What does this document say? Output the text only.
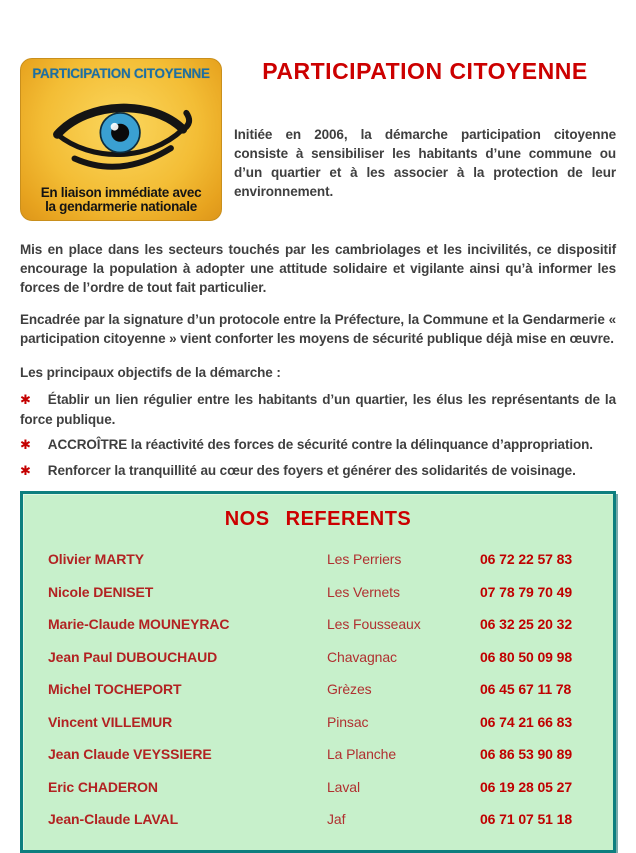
PARTICIPATION CITOYENNE
En liaison immédiate avec
la gendarmerie nationale
PARTICIPATION CITOYENNE

Initiée en 2006, la démarche participation citoyenne consiste à sensibiliser les habitants d’une commune ou d’un quartier et à les associer à la protection de leur environnement.

Mis en place dans les secteurs touchés par les cambriolages et les incivilités, ce dispositif encourage la population à adopter une attitude solidaire et vigilante ainsi qu’à informer les forces de l’ordre de tout fait particulier.

Encadrée par la signature d’un protocole entre la Préfecture, la Commune et la Gendarmerie « participation citoyenne » vient conforter les moyens de sécurité publique déjà mise en œuvre.

Les principaux objectifs de la démarche :

✱ Établir un lien régulier entre les habitants d’un quartier, les élus les représentants de la force publique.
✱ ACCROÎTRE la réactivité des forces de sécurité contre la délinquance d’appropriation.
✱ Renforcer la tranquillité au cœur des foyers et générer des solidarités de voisinage.
NOS REFERENTS
Olivier MARTY	Les Perriers	06 72 22 57 83
Nicole DENISET	Les Vernets	07 78 79 70 49
Marie-Claude MOUNEYRAC	Les Fousseaux	06 32 25 20 32
Jean Paul DUBOUCHAUD	Chavagnac	06 80 50 09 98
Michel TOCHEPORT	Grèzes	06 45 67 11 78
Vincent VILLEMUR	Pinsac	06 74 21 66 83
Jean Claude VEYSSIERE	La Planche	06 86 53 90 89
Eric CHADERON	Laval	06 19 28 05 27
Jean-Claude LAVAL	Jaf	06 71 07 51 18
